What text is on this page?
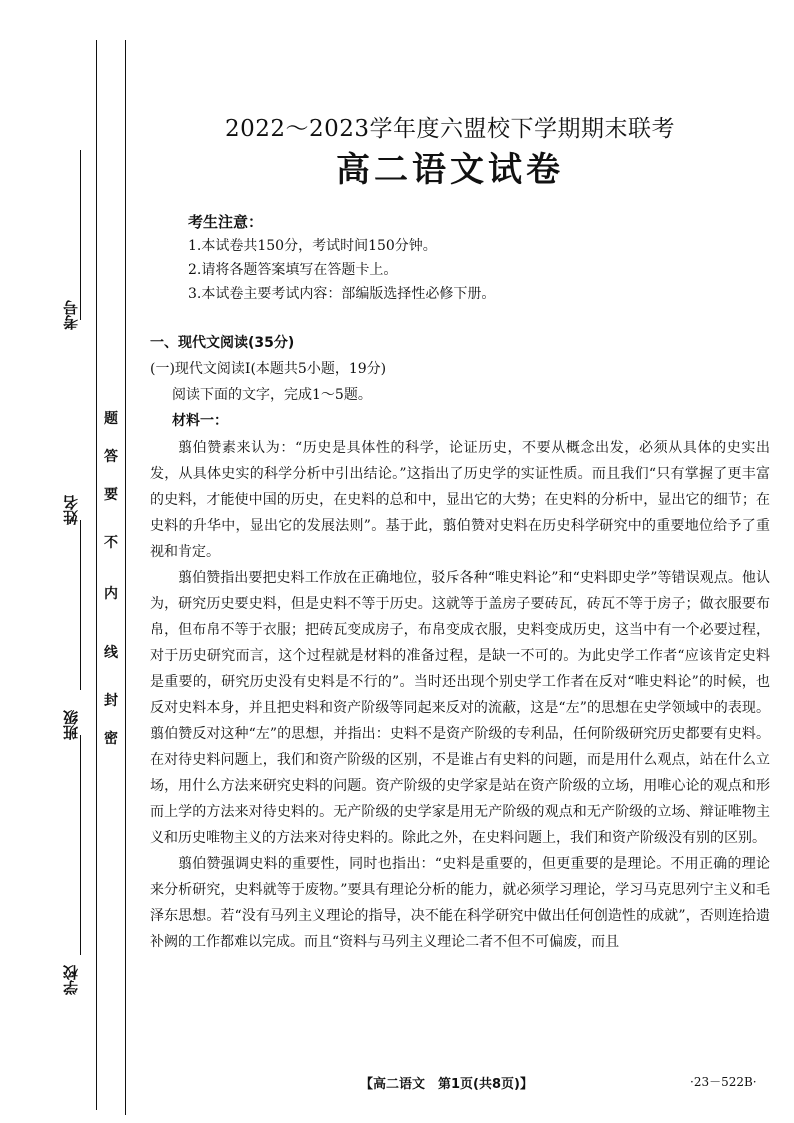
考号
姓名
班级
学校
题
答
要
不
内
线
封
密
2022～2023学年度六盟校下学期期末联考
高二语文试卷
考生注意：
1.本试卷共150分，考试时间150分钟。
2.请将各题答案填写在答题卡上。
3.本试卷主要考试内容：部编版选择性必修下册。
一、现代文阅读(35分)
(一)现代文阅读Ⅰ(本题共5小题，19分)
阅读下面的文字，完成1～5题。
材料一：

翦伯赞素来认为：“历史是具体性的科学，论证历史，不要从概念出发，必须从具体的史实出发，从具体史实的科学分析中引出结论。”这指出了历史学的实证性质。而且我们“只有掌握了更丰富的史料，才能使中国的历史，在史料的总和中，显出它的大势；在史料的分析中，显出它的细节；在史料的升华中，显出它的发展法则”。基于此，翦伯赞对史料在历史科学研究中的重要地位给予了重视和肯定。

翦伯赞指出要把史料工作放在正确地位，驳斥各种“唯史料论”和“史料即史学”等错误观点。他认为，研究历史要史料，但是史料不等于历史。这就等于盖房子要砖瓦，砖瓦不等于房子；做衣服要布帛，但布帛不等于衣服；把砖瓦变成房子，布帛变成衣服，史料变成历史，这当中有一个必要过程，对于历史研究而言，这个过程就是材料的准备过程，是缺一不可的。为此史学工作者“应该肯定史料是重要的，研究历史没有史料是不行的”。当时还出现个别史学工作者在反对“唯史料论”的时候，也反对史料本身，并且把史料和资产阶级等同起来反对的流蔽，这是“左”的思想在史学领域中的表现。翦伯赞反对这种“左”的思想，并指出：史料不是资产阶级的专利品，任何阶级研究历史都要有史料。在对待史料问题上，我们和资产阶级的区别，不是谁占有史料的问题，而是用什么观点，站在什么立场，用什么方法来研究史料的问题。资产阶级的史学家是站在资产阶级的立场，用唯心论的观点和形而上学的方法来对待史料的。无产阶级的史学家是用无产阶级的观点和无产阶级的立场、辩证唯物主义和历史唯物主义的方法来对待史料的。除此之外，在史料问题上，我们和资产阶级没有别的区别。

翦伯赞强调史料的重要性，同时也指出：“史料是重要的，但更重要的是理论。不用正确的理论来分析研究，史料就等于废物。”要具有理论分析的能力，就必须学习理论，学习马克思列宁主义和毛泽东思想。若“没有马列主义理论的指导，决不能在科学研究中做出任何创造性的成就”，否则连拾遗补阙的工作都难以完成。而且“资料与马列主义理论二者不但不可偏废，而且

【高二语文　第1页(共8页)】	·23－522B·
